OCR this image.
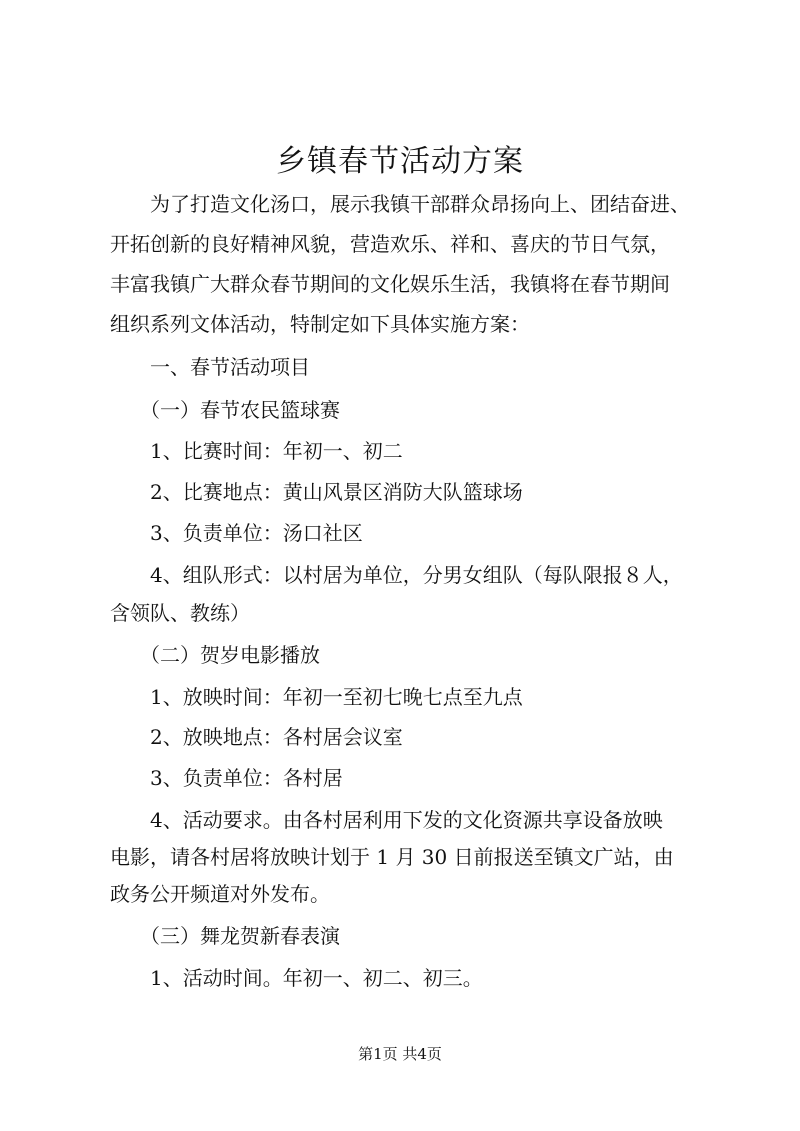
乡镇春节活动方案
　　为了打造文化汤口，展示我镇干部群众昂扬向上、团结奋进、
开拓创新的良好精神风貌，营造欢乐、祥和、喜庆的节日气氛，
丰富我镇广大群众春节期间的文化娱乐生活，我镇将在春节期间
组织系列文体活动，特制定如下具体实施方案：
　　一、春节活动项目
　　（一）春节农民篮球赛
　　1、比赛时间：年初一、初二
　　2、比赛地点：黄山风景区消防大队篮球场
　　3、负责单位：汤口社区
　　4、组队形式：以村居为单位，分男女组队（每队限报８人，
含领队、教练）
　　（二）贺岁电影播放
　　1、放映时间：年初一至初七晚七点至九点
　　2、放映地点：各村居会议室
　　3、负责单位：各村居
　　4、活动要求。由各村居利用下发的文化资源共享设备放映
电影，请各村居将放映计划于 1 月 30 日前报送至镇文广站，由
政务公开频道对外发布。
　　（三）舞龙贺新春表演
　　1、活动时间。年初一、初二、初三。
第1页 共4页
